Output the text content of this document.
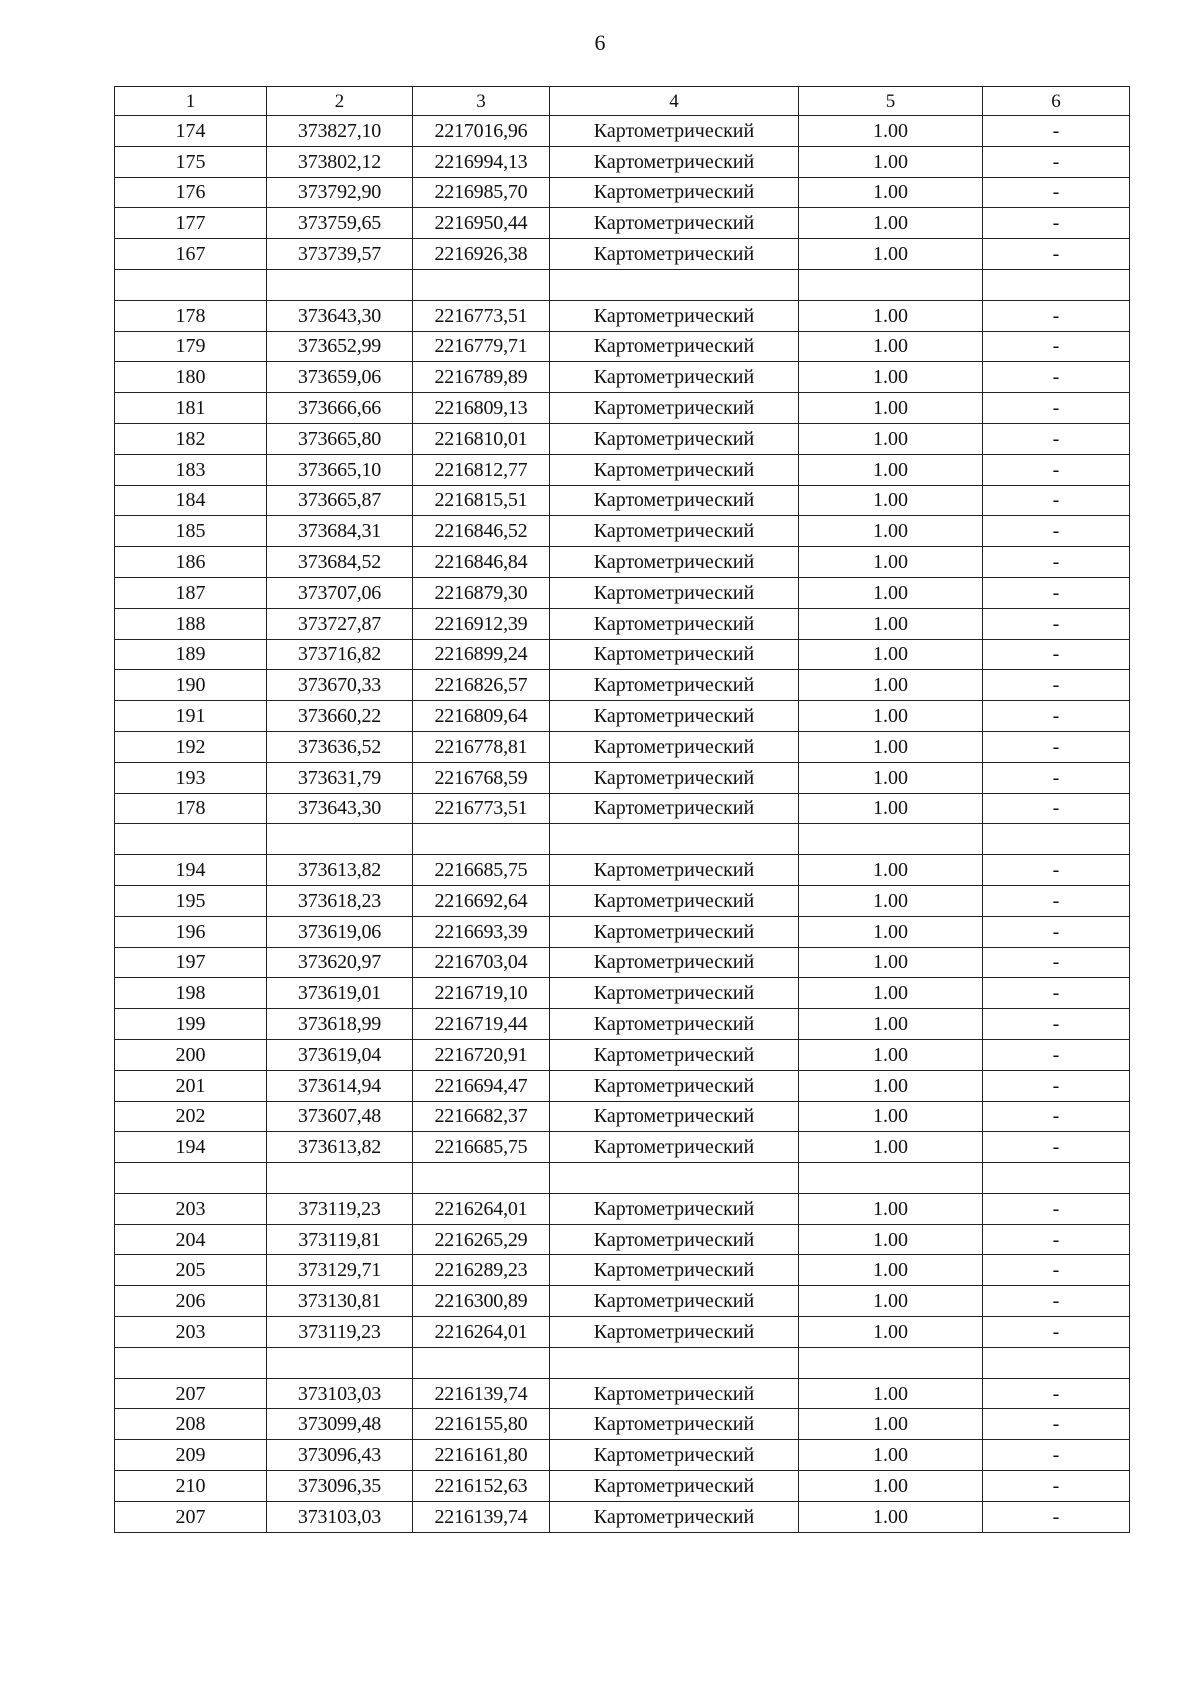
6
1	2	3	4	5	6
174	373827,10	2217016,96	Картометрический	1.00	-
175	373802,12	2216994,13	Картометрический	1.00	-
176	373792,90	2216985,70	Картометрический	1.00	-
177	373759,65	2216950,44	Картометрический	1.00	-
167	373739,57	2216926,38	Картометрический	1.00	-

178	373643,30	2216773,51	Картометрический	1.00	-
179	373652,99	2216779,71	Картометрический	1.00	-
180	373659,06	2216789,89	Картометрический	1.00	-
181	373666,66	2216809,13	Картометрический	1.00	-
182	373665,80	2216810,01	Картометрический	1.00	-
183	373665,10	2216812,77	Картометрический	1.00	-
184	373665,87	2216815,51	Картометрический	1.00	-
185	373684,31	2216846,52	Картометрический	1.00	-
186	373684,52	2216846,84	Картометрический	1.00	-
187	373707,06	2216879,30	Картометрический	1.00	-
188	373727,87	2216912,39	Картометрический	1.00	-
189	373716,82	2216899,24	Картометрический	1.00	-
190	373670,33	2216826,57	Картометрический	1.00	-
191	373660,22	2216809,64	Картометрический	1.00	-
192	373636,52	2216778,81	Картометрический	1.00	-
193	373631,79	2216768,59	Картометрический	1.00	-
178	373643,30	2216773,51	Картометрический	1.00	-

194	373613,82	2216685,75	Картометрический	1.00	-
195	373618,23	2216692,64	Картометрический	1.00	-
196	373619,06	2216693,39	Картометрический	1.00	-
197	373620,97	2216703,04	Картометрический	1.00	-
198	373619,01	2216719,10	Картометрический	1.00	-
199	373618,99	2216719,44	Картометрический	1.00	-
200	373619,04	2216720,91	Картометрический	1.00	-
201	373614,94	2216694,47	Картометрический	1.00	-
202	373607,48	2216682,37	Картометрический	1.00	-
194	373613,82	2216685,75	Картометрический	1.00	-

203	373119,23	2216264,01	Картометрический	1.00	-
204	373119,81	2216265,29	Картометрический	1.00	-
205	373129,71	2216289,23	Картометрический	1.00	-
206	373130,81	2216300,89	Картометрический	1.00	-
203	373119,23	2216264,01	Картометрический	1.00	-

207	373103,03	2216139,74	Картометрический	1.00	-
208	373099,48	2216155,80	Картометрический	1.00	-
209	373096,43	2216161,80	Картометрический	1.00	-
210	373096,35	2216152,63	Картометрический	1.00	-
207	373103,03	2216139,74	Картометрический	1.00	-
